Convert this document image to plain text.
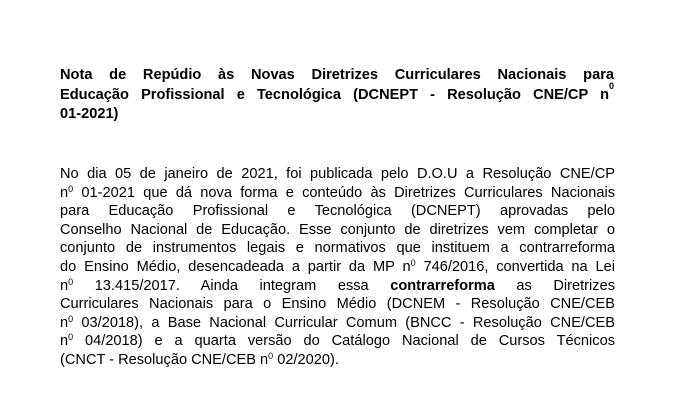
Nota de Repúdio às Novas Diretrizes Curriculares Nacionais para
Educação Profissional e Tecnológica (DCNEPT - Resolução CNE/CP n
0
01-2021)
No dia 05 de janeiro de 2021, foi publicada pelo D.O.U a Resolução CNE/CP
$n^0$ 01-2021 que dá nova forma e conteúdo às Diretrizes Curriculares Nacionais
para Educação Profissional e Tecnológica (DCNEPT) aprovadas pelo
Conselho Nacional de Educação. Esse conjunto de diretrizes vem completar o
conjunto de instrumentos legais e normativos que instituem a contrarreforma
do Ensino Médio, desencadeada a partir da MP $n^0$ 746/2016, convertida na Lei
$n^0$ 13.415/2017. Ainda integram essa contrarreforma as Diretrizes
Curriculares Nacionais para o Ensino Médio (DCNEM - Resolução CNE/CEB
$n^0$ 03/2018), a Base Nacional Curricular Comum (BNCC - Resolução CNE/CEB
$n^0$ 04/2018) e a quarta versão do Catálogo Nacional de Cursos Técnicos
(CNCT - Resolução CNE/CEB $n^0$ 02/2020).
